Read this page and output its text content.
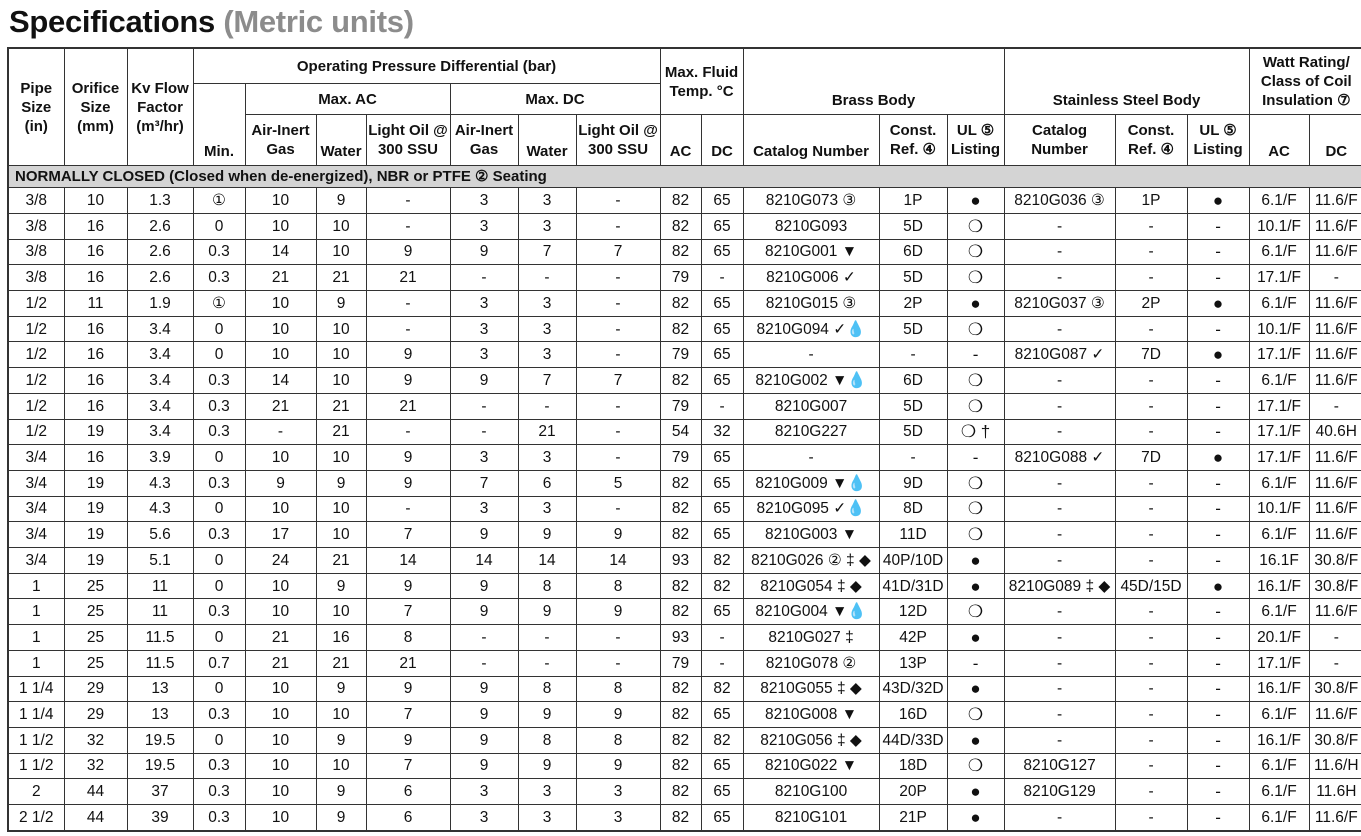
Specifications (Metric units)
Pipe Size (in)	Orifice Size (mm)	Kv Flow Factor (m³/hr)	Operating Pressure Differential (bar)							Max. Fluid Temp. °C		Brass Body			Stainless Steel Body			Watt Rating/ Class of Coil Insulation ⑦	
			Min.	Max. AC			Max. DC												
				Air-Inert Gas	Water	Light Oil @ 300 SSU	Air-Inert Gas	Water	Light Oil @ 300 SSU	AC	DC	Catalog Number	Const. Ref. ④	UL ⑤ Listing	Catalog Number	Const. Ref. ④	UL ⑤ Listing	AC	DC
NORMALLY CLOSED (Closed when de-energized), NBR or PTFE ② Seating																			
3/8	10	1.3	①	10	9	-	3	3	-	82	65	8210G073 ③	1P	●	8210G036 ③	1P	●	6.1/F	11.6/F
3/8	16	2.6	0	10	10	-	3	3	-	82	65	8210G093	5D	❍	-	-	-	10.1/F	11.6/F
3/8	16	2.6	0.3	14	10	9	9	7	7	82	65	8210G001 ▼	6D	❍	-	-	-	6.1/F	11.6/F
3/8	16	2.6	0.3	21	21	21	-	-	-	79	-	8210G006 ✓	5D	❍	-	-	-	17.1/F	-
1/2	11	1.9	①	10	9	-	3	3	-	82	65	8210G015 ③	2P	●	8210G037 ③	2P	●	6.1/F	11.6/F
1/2	16	3.4	0	10	10	-	3	3	-	82	65	8210G094 ✓💧	5D	❍	-	-	-	10.1/F	11.6/F
1/2	16	3.4	0	10	10	9	3	3	-	79	65	-	-	-	8210G087 ✓	7D	●	17.1/F	11.6/F
1/2	16	3.4	0.3	14	10	9	9	7	7	82	65	8210G002 ▼💧	6D	❍	-	-	-	6.1/F	11.6/F
1/2	16	3.4	0.3	21	21	21	-	-	-	79	-	8210G007	5D	❍	-	-	-	17.1/F	-
1/2	19	3.4	0.3	-	21	-	-	21	-	54	32	8210G227	5D	❍ †	-	-	-	17.1/F	40.6H
3/4	16	3.9	0	10	10	9	3	3	-	79	65	-	-	-	8210G088 ✓	7D	●	17.1/F	11.6/F
3/4	19	4.3	0.3	9	9	9	7	6	5	82	65	8210G009 ▼💧	9D	❍	-	-	-	6.1/F	11.6/F
3/4	19	4.3	0	10	10	-	3	3	-	82	65	8210G095 ✓💧	8D	❍	-	-	-	10.1/F	11.6/F
3/4	19	5.6	0.3	17	10	7	9	9	9	82	65	8210G003 ▼	11D	❍	-	-	-	6.1/F	11.6/F
3/4	19	5.1	0	24	21	14	14	14	14	93	82	8210G026 ② ‡ ◆	40P/10D	●	-	-	-	16.1F	30.8/F
1	25	11	0	10	9	9	9	8	8	82	82	8210G054 ‡ ◆	41D/31D	●	8210G089 ‡ ◆	45D/15D	●	16.1/F	30.8/F
1	25	11	0.3	10	10	7	9	9	9	82	65	8210G004 ▼💧	12D	❍	-	-	-	6.1/F	11.6/F
1	25	11.5	0	21	16	8	-	-	-	93	-	8210G027 ‡	42P	●	-	-	-	20.1/F	-
1	25	11.5	0.7	21	21	21	-	-	-	79	-	8210G078 ②	13P	-	-	-	-	17.1/F	-
1 1/4	29	13	0	10	9	9	9	8	8	82	82	8210G055 ‡ ◆	43D/32D	●	-	-	-	16.1/F	30.8/F
1 1/4	29	13	0.3	10	10	7	9	9	9	82	65	8210G008 ▼	16D	❍	-	-	-	6.1/F	11.6/F
1 1/2	32	19.5	0	10	9	9	9	8	8	82	82	8210G056 ‡ ◆	44D/33D	●	-	-	-	16.1/F	30.8/F
1 1/2	32	19.5	0.3	10	10	7	9	9	9	82	65	8210G022 ▼	18D	❍	8210G127	-	-	6.1/F	11.6/H
2	44	37	0.3	10	9	6	3	3	3	82	65	8210G100	20P	●	8210G129	-	-	6.1/F	11.6H
2 1/2	44	39	0.3	10	9	6	3	3	3	82	65	8210G101	21P	●	-	-	-	6.1/F	11.6/F
